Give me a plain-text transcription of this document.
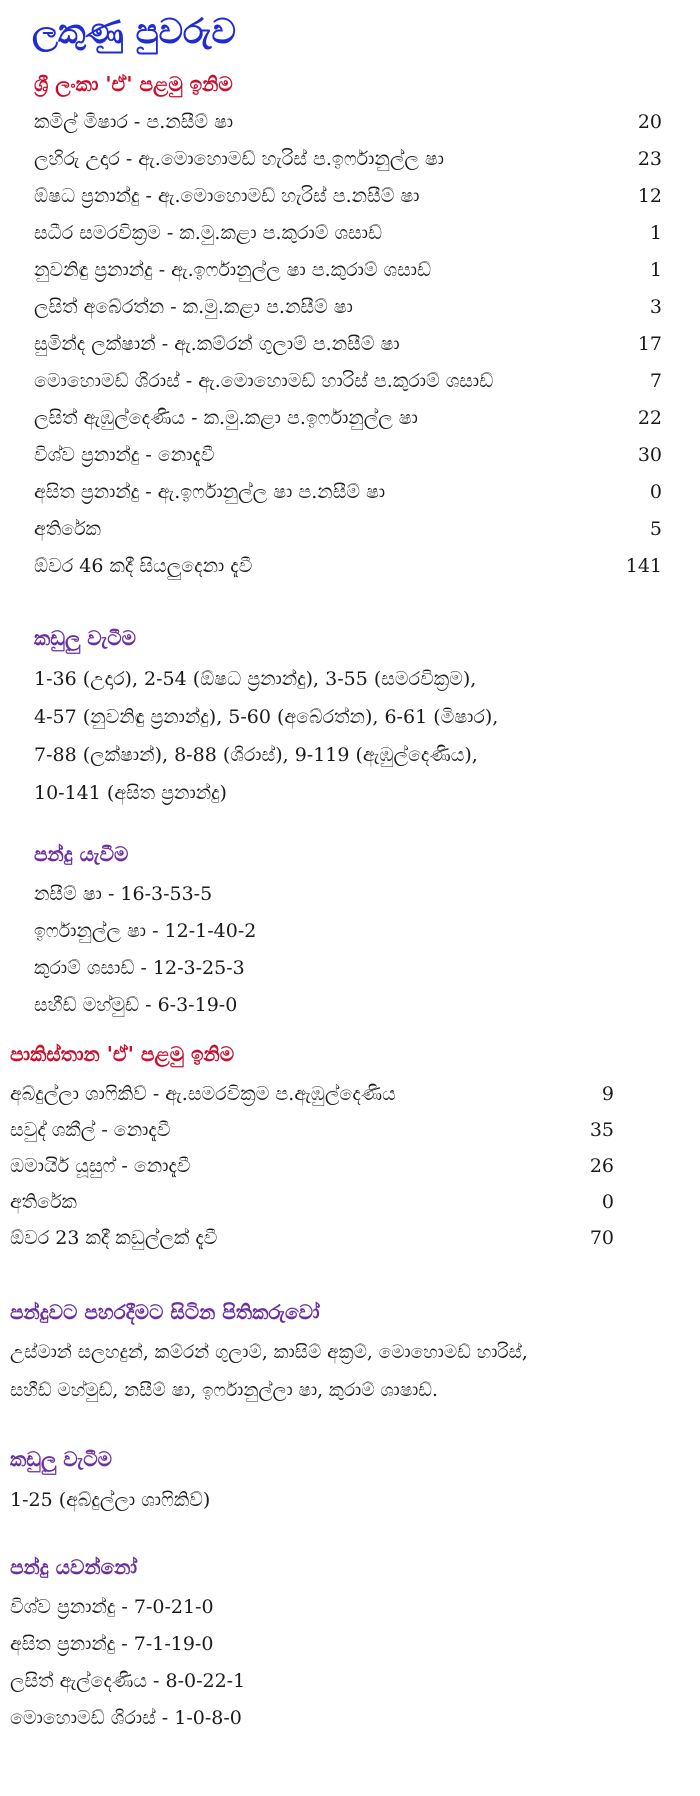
ලකුණු පුවරුව
ශ්‍රී ලංකා 'ඒ' පළමු ඉනිම
කමිල් මිෂාර - ප.නසීම් ෂා	20
ලහිරු උදාර - ඇ.මොහොමඩ් හැරිස් ප.ඉර්ෆානුල්ල ෂා	23
ඕෂධ ප්‍රනාන්දු - ඇ.මොහොමඩ් හැරිස් ප.නසීම් ෂා	12
සධීර සමරවික්‍රම - ක.මු.කළා ප.කුරාම් ශසාඩ්	1
නුවනිඳු ප්‍රනාන්දු - ඇ.ඉර්ෆානුල්ල ෂා ප.කුරාම් ශසාඩ්	1
ලසිත් අබේරත්න - ක.මු.කළා ප.නසීම් ෂා	3
සුමින්ද ලක්ෂාන් - ඇ.කම්රන් ගුලාම් ප.නසීම් ෂා	17
මොහොමඩ් ශිරාස් - ඇ.මොහොමඩ් හාරිස් ප.කුරාම් ශසාඩ්	7
ලසිත් ඇඹුල්දෙණිය - ක.මු.කළා ප.ඉර්ෆානුල්ල ෂා	22
විශ්ව ප්‍රනාන්දු - නොදැවී	30
අසිත ප්‍රනාන්දු - ඇ.ඉර්ෆානුල්ල ෂා ප.නසීම් ෂා	0
අතිරේක	5
ඕවර 46 කදී සියලුදෙනා දැවී	141
කඩුලු වැටීම
1-36 (උදාර), 2-54 (ඕෂධ ප්‍රනාන්දු), 3-55 (සමරවික්‍රම),
4-57 (නුවනිඳු ප්‍රනාන්දු), 5-60 (අබේරත්න), 6-61 (මිෂාර),
7-88 (ලක්ෂාන්), 8-88 (ශිරාස්), 9-119 (ඇඹුල්දෙණිය),
10-141 (අසිත ප්‍රනාන්දු)
පන්දු යැවීම
නසීම් ෂා - 16-3-53-5
ඉර්ෆානුල්ල ෂා - 12-1-40-2
කුරාම් ශසාඩ් - 12-3-25-3
සහීඩ් මහ්මුඩ් - 6-3-19-0
පාකිස්තාන 'ඒ' පළමු ඉනිම
අබ්දුල්ලා ශාෆිකිව් - ඇ.සමරවික්‍රම ප.ඇඹුල්දෙණිය	9
සවුද් ශකීල් - නොදැවී	35
ඔමායිර් යූසුෆ් - නොදැවී	26
අතිරේක	0
ඕවර 23 කදී කඩුල්ලක් දැවී	70
පන්දුවට පහරදීමට සිටින පිතිකරුවෝ
උස්මාන් සලහදුන්, කම්රන් ගුලාම්, කාසිම් අක්‍රම්, මොහොමඩ් හාරිස්,
සහීඩ් මහ්මුඩ්, නසීම් ෂා, ඉර්ෆානුල්ලා ෂා, කුරාම් ශාෂාඩ්.
කඩුලු වැටීම
1-25 (අබ්දුල්ලා ශාෆිකිව්)
පන්දු යවන්නෝ
විශ්ව ප්‍රනාන්දු - 7-0-21-0
අසිත ප්‍රනාන්දු - 7-1-19-0
ලසිත් ඇල්දෙණිය - 8-0-22-1
මොහොමඩ් ශිරාස් - 1-0-8-0
